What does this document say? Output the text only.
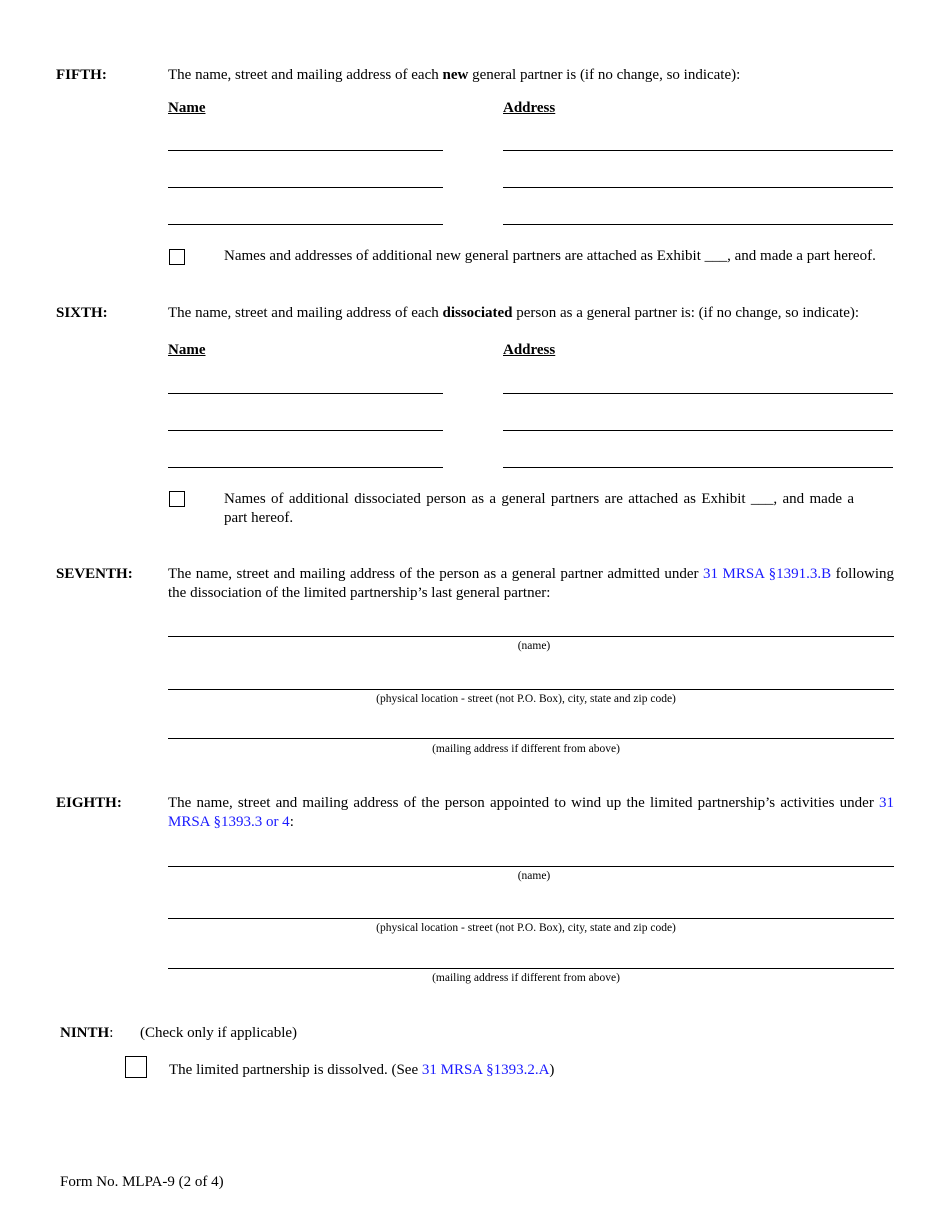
FIFTH:	The name, street and mailing address of each new general partner is (if no change, so indicate):
Name	Address
Names and addresses of additional new general partners are attached as Exhibit ___, and made a part hereof.
SIXTH:	The name, street and mailing address of each dissociated person as a general partner is: (if no change, so indicate):
Name	Address
Names of additional dissociated person as a general partners are attached as Exhibit ___, and made a
part hereof.
SEVENTH: The name, street and mailing address of the person as a general partner admitted under 31 MRSA §1391.3.B following
the dissociation of the limited partnership’s last general partner:
(name)
(physical location - street (not P.O. Box), city, state and zip code)
(mailing address if different from above)
EIGHTH:	The name, street and mailing address of the person appointed to wind up the limited partnership’s activities under 31
MRSA §1393.3 or 4:
(name)
(physical location - street (not P.O. Box), city, state and zip code)
(mailing address if different from above)
NINTH: (Check only if applicable)
The limited partnership is dissolved. (See 31 MRSA §1393.2.A)
Form No. MLPA-9 (2 of 4)
